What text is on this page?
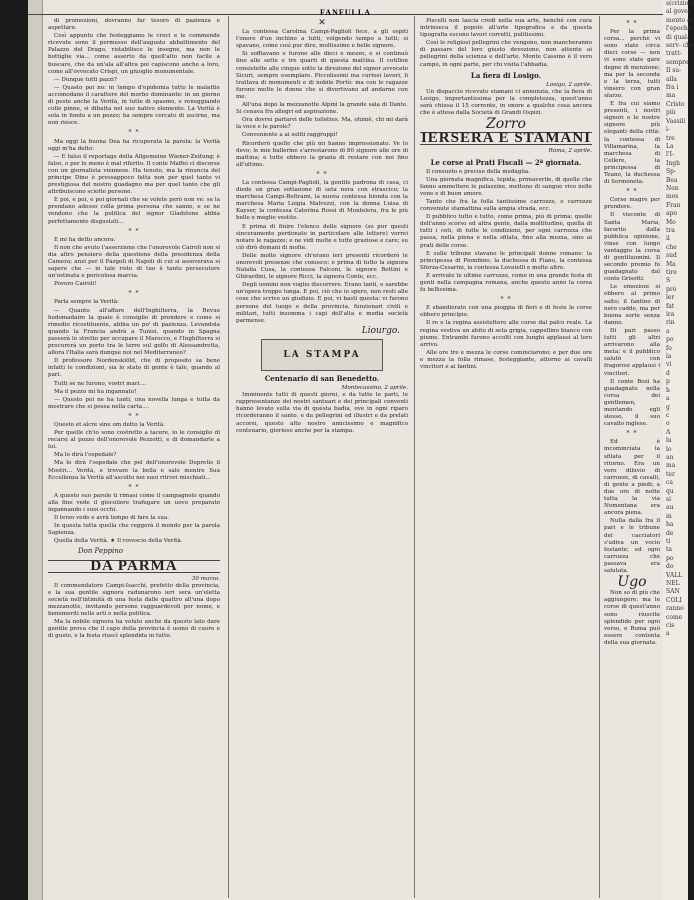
FANFULLA

di promozioni, dovranno far tesoro di pazienza e aspettare.

Così appunto che festeggiamo le croci e le commende ricevute sono il permesso dell'augusto abbattimento del Palazzo del Drago, ristabilisco le insegne, ma non le bottiglie via... come asserto da quell'alto non facile a buscare, che da un'ala all'altra poi capiscono anche a loro, come all'ovvocato Crispi, un giuoglio monumentale.

— Dunque tutti pazzi?

— Quasto poi no: in tempo d'epidemia tutto le malattie accomodano il carattere del morbo dominante: in un giorno di peste anche la Verità, in tutte di spasmo, e reneggiando colle pinne, si dibatta nel suo nativo elemento. La Verità è sola in fondo a un pozzo; ha sempre cercato di uscirne, ma non riesce.

* *

Ma oggi la buona Dea ha ricuperata la parola: la Verità oggi m'ha detto:

— E falso il reportage della Allgemeine Wiener-Zeitung; è falso, o per lo meno è mal riferito. Il conte Maffei ci discorse con un giornalista viennese. Ha tenuto, ma la rinuncia del principe Dino è pressappoco fatta non per quel tanto vi prestigiosa del nostro guadagno ma per quel tanto che gli attribuiscono sciolte persone.

E poi, e poi, e poi giornali che se volete però non ve: se la prendano adesso colla prima persona che sanno, e se ne vendono che la politica del signor Gladstone abbia perfettamente disgustati...

* *

E mi ha detto ancora:

Il non che avuto l'asserzione che l'onorevole Cairoli non si dia altro pensiero della questione della presidenza della Camera; anzi per il Pazgoli di Napoli di cui si asseverava si sapere che — io tale risto di tuo è tanto persecutore un'ostinata e pericolosa marcia.

Povero Cairoli!

* *

Parla sempre la Verità:

— Quanto all'affare dell'Inghilterra, la Revue hedomadaire la quale è consiglio di prendere e come si rimedio ricostituente, abbia un po' di pazienza. Levandola quando la Francia andrà a Tunisi, quando in Spagna passerà lo stretto per occupare il Marocco, e l'Inghilterra si procurerà un porto tra le terre sul golfo di Alessandretta, allora l'Italia sarà dunque noi nel Mediterraneo?

Il professore Nordenskiöld, che di proposito sa bene infatti le condizioni, sia lo stato di gente è tale, quando al pari.

Tutti se ne furono, vostri mari....

Ma il pezzo mi ha ingannato!

— Questo poi ne ha tanti, una novella lunga e tutta da mostrare che si possa nella carta....

* *

Questo et alcre sine om detto la Verità.

Per quelle ch'io sono costretto a tacere, io le consiglio di recarsi al pozzo dell'onorevole Pezzotti, e di domandarle a lui.

Ma lo dirà l'ospedale?

Ma lo dirà l'ospedale che pel dell'onorevole Depretis il Mostri... Verità, e trovare la bella e sale mentre Sua Eccellenza la Verità all'ascolto nei suoi ritrovi mischiati...

* *

A questo suo parole ti rimasi come il campagnolo quando alla fine vede il giocoliere trafugare un uovo preparato ingannando i suoi occhi.

Il terzo vede e avrà tempo di fare la sua.

In questa tutta quella che reggerà il mondo per la parola Sapienza.

Quella della Verità. ★ Il rovescio della Verità.

Don Peppino
DA PARMA
30 marzo.

Il commendatore Campi-Isacchi, prefetto della provincia, e la sua gentile signora radunarono ieri sera un'eletta società nell'intimità di una festa dalle quattro all'una dopo mezzanotte, invitando persone ragguardevoli per nome, e benemeriti nelle arti e nella politica.

Ma la nobile signora ha voluto anche da questo lato dare gentile prova che il capo della provincia è uomo di cuore e di gusto, e la festa riuscì splendida in tutto.

✕

La contessa Carolina Campi-Paglioli fece, a gli ospiti l'onore d'un inchino a tutti, volgendo tempo a tutti; si spavano, come così pur dire, moltissime e belle signore.

Si soffiavano e furono alle dieci e mezzo, e si continuò fino alle sette e tre quarti di questa mattina. Il cotillon consistette alle cinque sotto la direzione del signor avvocato Sicuri, sempre esemplare. Piccolissimi ma curiosi lavori, li trattava di monumenti e di nobile Portò: ma con le ragazze furono molte le donne che si divertivano ad andarne con me.

All'una dopo la mezzanotte Alpini la grande sala di Dante. Si cenava fra allegri ed aspirazione.

Ora dovrei parlarvi delle toilettes. Ma, ohimè, chi mi darà la voce e le parole?

Conveniente a ai soliti raggruppi!

Ricorderò quelle che più mi hanno impressionato. Ve lo devo; le mie ballerine s'arrestarono di 80 signore alle ore di mattina; e tutte ebbero la grazia di restare con noi fino all'ultimo.

* *

La contessa Campi-Paglioli, la gentile padrona di casa, ci diede un gran sottanone di seta nera con strascico; la marchesa Campi-Beltrami, la nuova contessa bionda con la marchesa Maria Luigia Malvezzi, con la donna Luisa di Kayser, la contessa Caterina Rossi di Montelera, fra le più belle e meglio vestite.

E prima di finire l'elenco delle signore (so pur questi sinceramente perdonato in particolare alle lettere) vorrei notare le ragazze; e ne vidi molte e tutte graziose e care; su ciò dirò domani di molte.

Delle molte signore ch'erano ieri presenti ricorderò le onorevoli presenze che conosco: e prima di tutto la signora Nalalia Cusa, la contessa Falconi, le signore Bottini e Ghirardini, le signore Ricci, la signora Conte, ecc.

Degli uomini non voglio discorrere. Erano tanti, e sarebbe un'opera troppo lunga. E poi, ciò che io spero, non resti alle cose che scrivo un giudizio. E poi, vi basti questa: vi furono persone del luogo e della provincia, funzionari civili e militari, tutti insomma i capi dell'alta e media società parmense.

Liourgo.
LA STAMPA
Centenario di san Benedetto.
Montecassino, 2 aprile.

Imminente tutti di questi giorni, e da tutte le parti, le rappresentanze dei nostri santuari e dei principali conventi hanno levato sulla via di questa badia, ove in ogni riparo ricorderanno il santo, e da pellegrini ed illustri e da prelati accorsi, questo alto nostro amicissimo e magnifico centenario, glorioso anche per la stampa.

Piscelli non lascia credi nella sua arte, benché con cura intrinseca il popolo all'arte tipografica e da questa tipografia escono lavori corretti, pulitissimi.

Così le religiosi pellegrini che vengono, non mancheranno di passare del loro giusto devozione, non attente ai pellegrini della scienza e dell'arte, Monte Cassino è il vero campo, in ogni parte, per chi visita l'abbadia.

La fiera di Losigo.
Losigo, 2 aprile.

Un dispaccio ricevuto stamani ci annunzia, che la fiera di Losigo, importantissima per la completezza, quest'anno sarà chiusa il 15 corrente, in onore a qualche cosa ancora che è attesa dalla Società di Grandi Ospizi.

Zorro
IERSERA E STAMANI
Roma, 2 aprile.
Le corse ai Prati Fiscali — 2ª giornata.

Il consueto e preciso della medaglia.

Una giornata magnifica, tepida, primaverile, di quelle che fanno ammettere le palazzine, mettono di sangue vivo nelle vene e di buon umore.

Tanto che fra la folla tantissime carrozze, e carrozze convenute stamattina sulla ampia strada, ecc.

Il pubblico tutto e tutto, come prima, più di prima; quelle dell'anno scorso ed altra gente, dalla moltitudine, quella di tutti i ceti, di tutte le condizioni, per ogni carrozza che passa, nella piena e nella sfilata, fino alla mezza, sino ai prati delle corse.

E sulle tribune stavano le principali donne romane: la principessa di Piombino, la duchessa di Fiano, la contessa Sforza-Cesarini, la contessa Lovatelli e molte altre.

E arrivate le ultime carrozze, come in una grande festa di genti nella campagna romana, anche questo anno la corsa fu bellissima.

* *

E sbandierato con una pioggia di fiori e di feste le corse ebbero principio.

Il re e la regina assistettero alle corse dal palco reale. La regina vestiva un abito di seta grigia, cappellino bianco con piume. Entrambi furono accolti con lunghi applausi al loro arrivo.

Alle ore tre e mezza le corse cominciarono; e per due ore e mezza la folla rimase, festeggiante, attorno ai cavalli vincitori e ai fantini.

* *

Per la prima corsa... perchè vi sono state circa dieci corse — non vi sono state gare degne di menzione; ma per la seconda e la terza, tutti vinsero con gran sfarzo.

E fra cui siamo presenti, i nostri signori e le nostre signore più eleganti della città: la contessa di Villamarina, la marchesa di Cellere, la principessa di Teano, la duchessa di Sermoneta.

* *

Corse magre per prendere.

Il visconte di Santa Maria, favorito dalla pubblica opinione, vinse con lungo vantaggio la corsa di gentiluomini. Il secondo premio fu guadagnato dal conte Grisotti.

Le emozioni si ebbero al primo salto; il fantino di nero cadde, ma per buona sorte senza danno.

Di pari passo tutti gli altri arrivarono alla meta; e il pubblico salutò con fragorosi applausi i vincitori.

Il conte Bozi ha guadagnato nella corsa dei gentlemen, montando egli stesso, il suo cavallo inglese.

* *

Ed è incominciata la sfilata per il ritorno. Era un vero diluvio di carrozze, di cavalli, di gente a piedi; a due ore di notte tutta la via Nomentana era ancora piena.

Nulla dalla fra il pari e le tribune dei cacciatori s'udiva un vocìo festante; ed ogni carrozza che passava era salutata.

Ugo

Non so di più che aggiungere; ma le corse di quest'anno sono riuscite splendide per ogni verso, e Roma può essere contenta della sua giornata.

s(crizioni
al gover-
mento al
l'epoche
di qual-
serv- che
tratt-
sempre
Il su-
alla
fra i
ma
Cristo
più
Vassili
i-
tre
La
l'I-
Ingh
Sp-
Bea
Non
mos
Fran
apo
Mo
tra
il
che
sud
Ma
tire
S
prò
ler
fat
ira
rin
a
po
fo
la
vi
d
p
h
a
g
c
o
A
lu
lo
an
ma
ter
ca
qu
si
au
in
ha
de
ti
ta
po
do
VALL
NEL
SAN
COLI
ranno
come
cis
a
